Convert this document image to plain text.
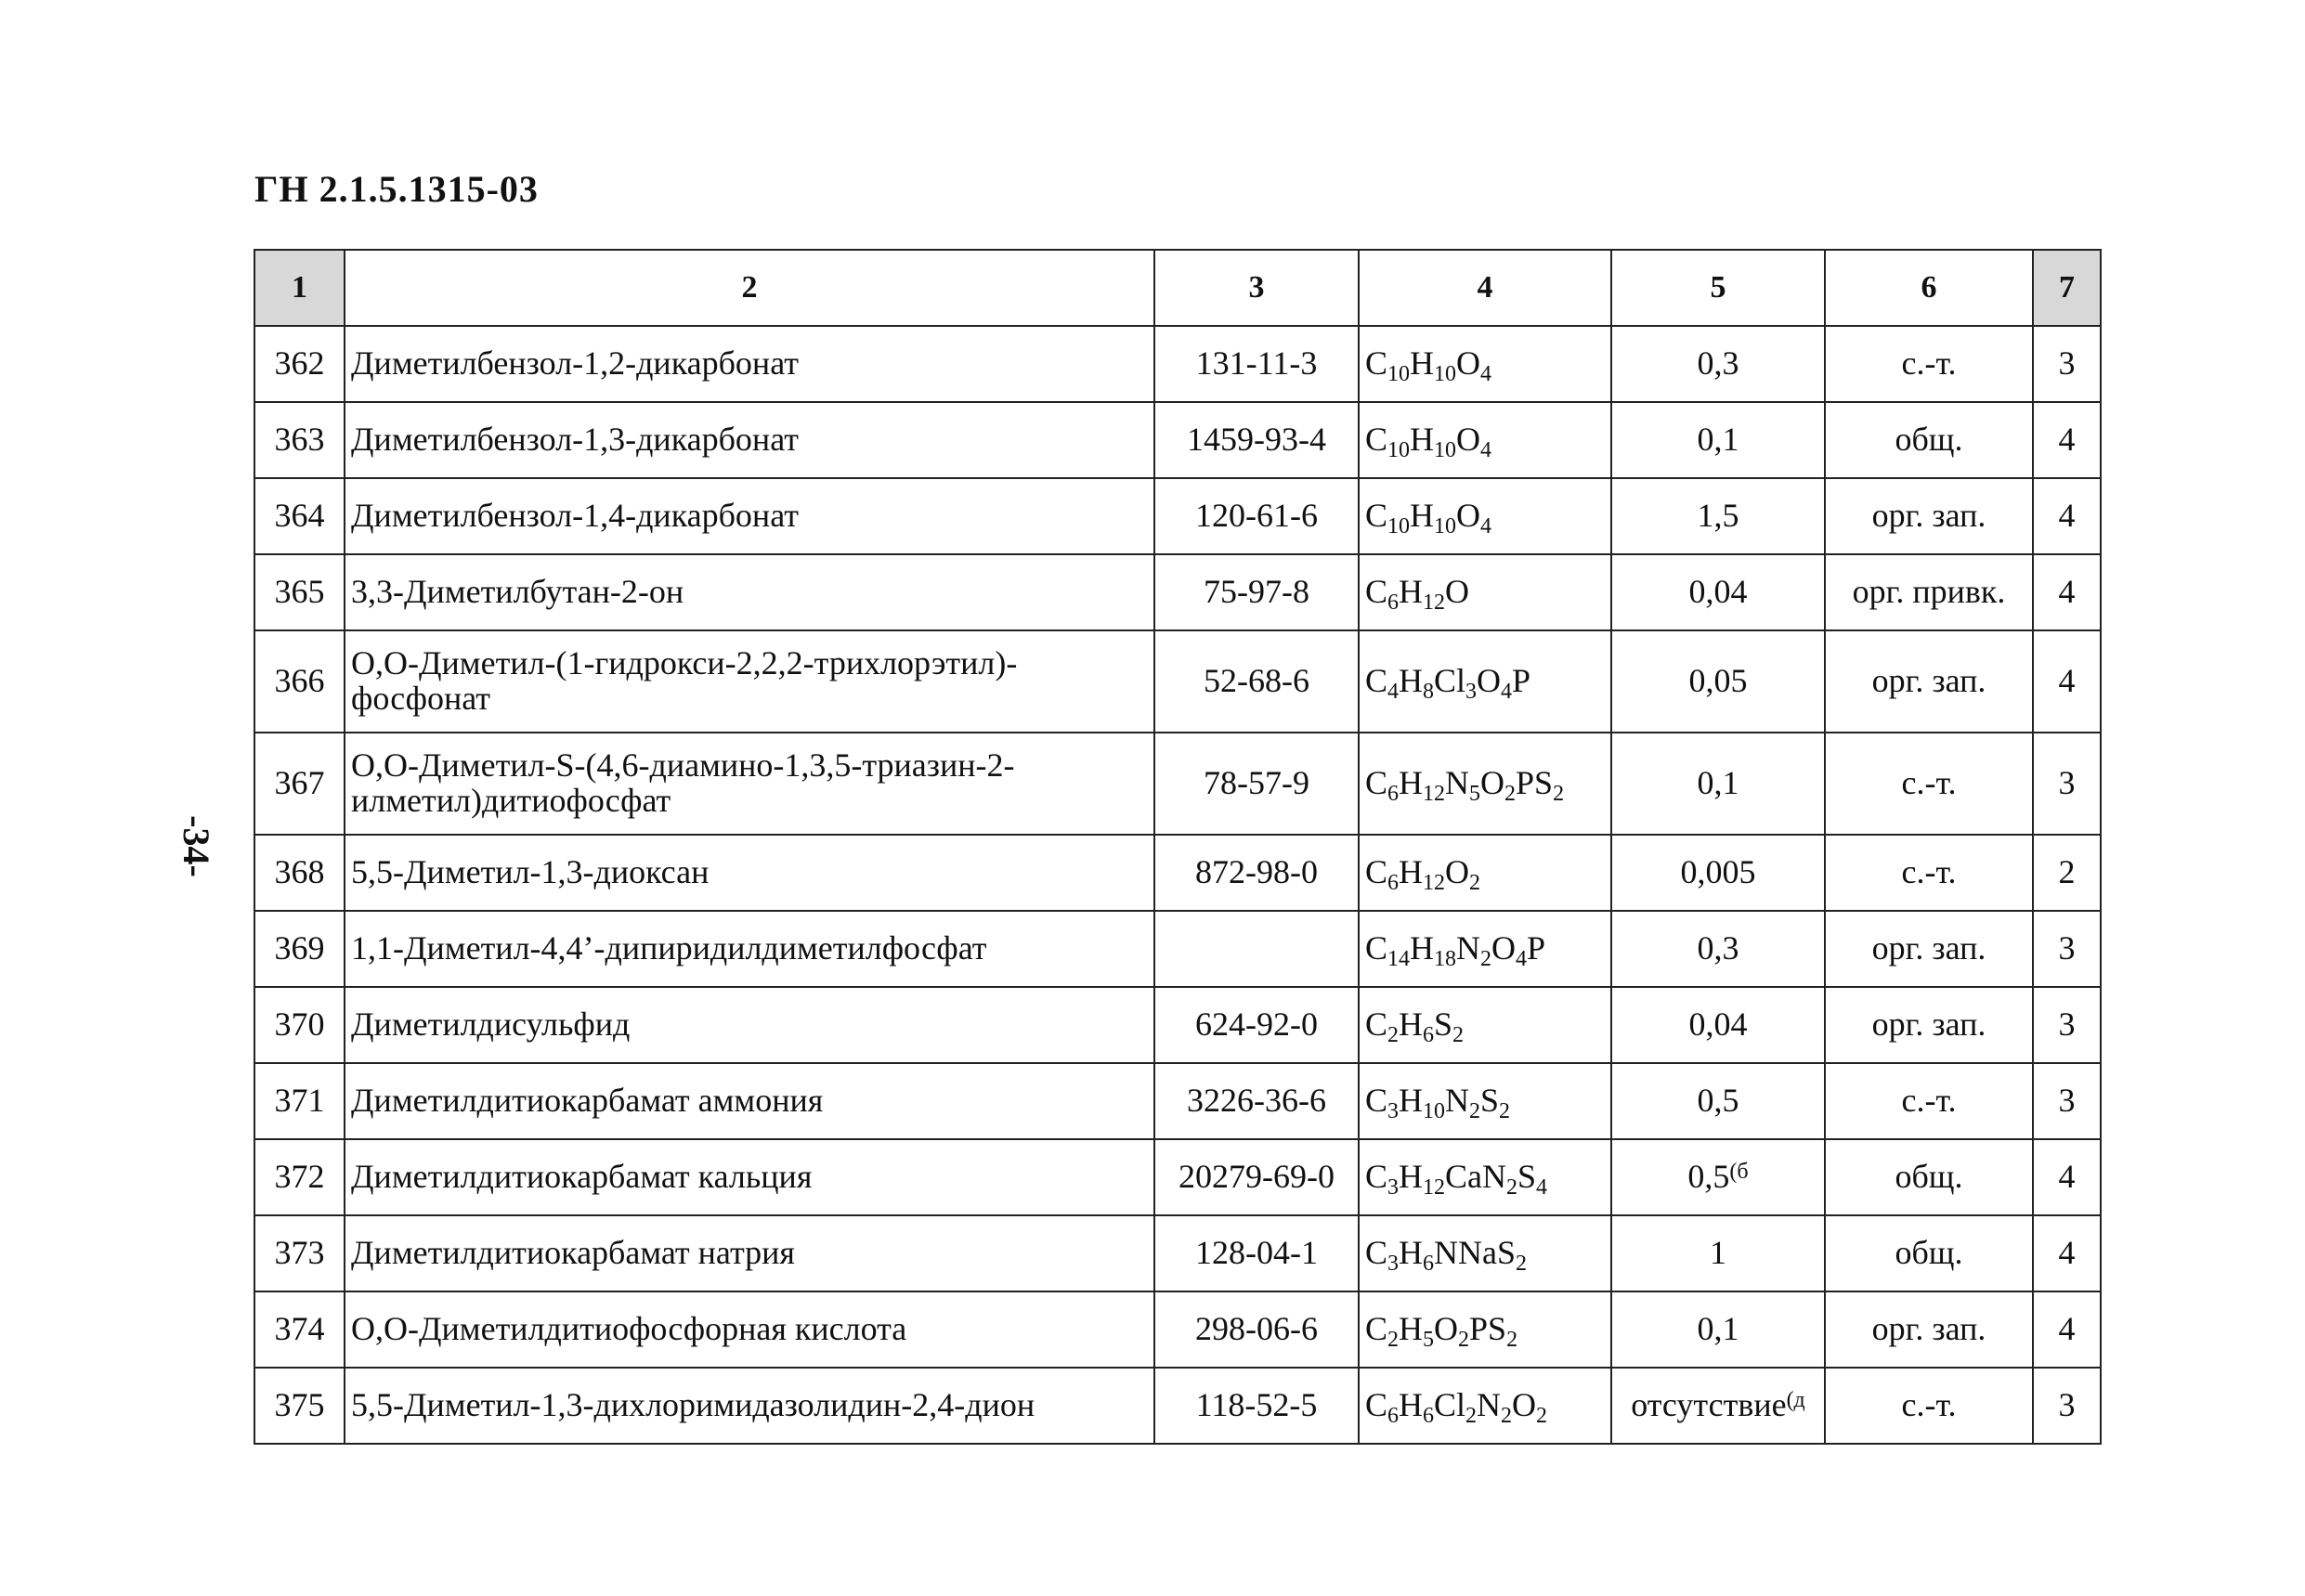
ГН 2.1.5.1315-03
-34-
1	2	3	4	5	6	7
362	Диметилбензол-1,2-дикарбонат	131-11-3	$C_{10}H_{10}O_4$	0,3	с.-т.	3
363	Диметилбензол-1,3-дикарбонат	1459-93-4	$C_{10}H_{10}O_4$	0,1	общ.	4
364	Диметилбензол-1,4-дикарбонат	120-61-6	$C_{10}H_{10}O_4$	1,5	орг. зап.	4
365	3,3-Диметилбутан-2-он	75-97-8	$C_6H_{12}O$	0,04	орг. привк.	4
366	О,О-Диметил-(1-гидрокси-2,2,2-трихлорэтил)-фосфонат	52-68-6	$C_4H_8Cl_3O_4P$	0,05	орг. зап.	4
367	О,О-Диметил-S-(4,6-диамино-1,3,5-триазин-2-илметил)дитиофосфат	78-57-9	$C_6H_{12}N_5O_2PS_2$	0,1	с.-т.	3
368	5,5-Диметил-1,3-диоксан	872-98-0	$C_6H_{12}O_2$	0,005	с.-т.	2
369	1,1-Диметил-4,4’-дипиридилдиметилфосфат		$C_{14}H_{18}N_2O_4P$	0,3	орг. зап.	3
370	Диметилдисульфид	624-92-0	$C_2H_6S_2$	0,04	орг. зап.	3
371	Диметилдитиокарбамат аммония	3226-36-6	$C_3H_{10}N_2S_2$	0,5	с.-т.	3
372	Диметилдитиокарбамат кальция	20279-69-0	$C_3H_{12}CaN_2S_4$	$0,5^{(б}$	общ.	4
373	Диметилдитиокарбамат натрия	128-04-1	$C_3H_6NNaS_2$	1	общ.	4
374	О,О-Диметилдитиофосфорная кислота	298-06-6	$C_2H_5O_2PS_2$	0,1	орг. зап.	4
375	5,5-Диметил-1,3-дихлоримидазолидин-2,4-дион	118-52-5	$C_6H_6Cl_2N_2O_2$	отсутствие$^{(д}$	с.-т.	3
